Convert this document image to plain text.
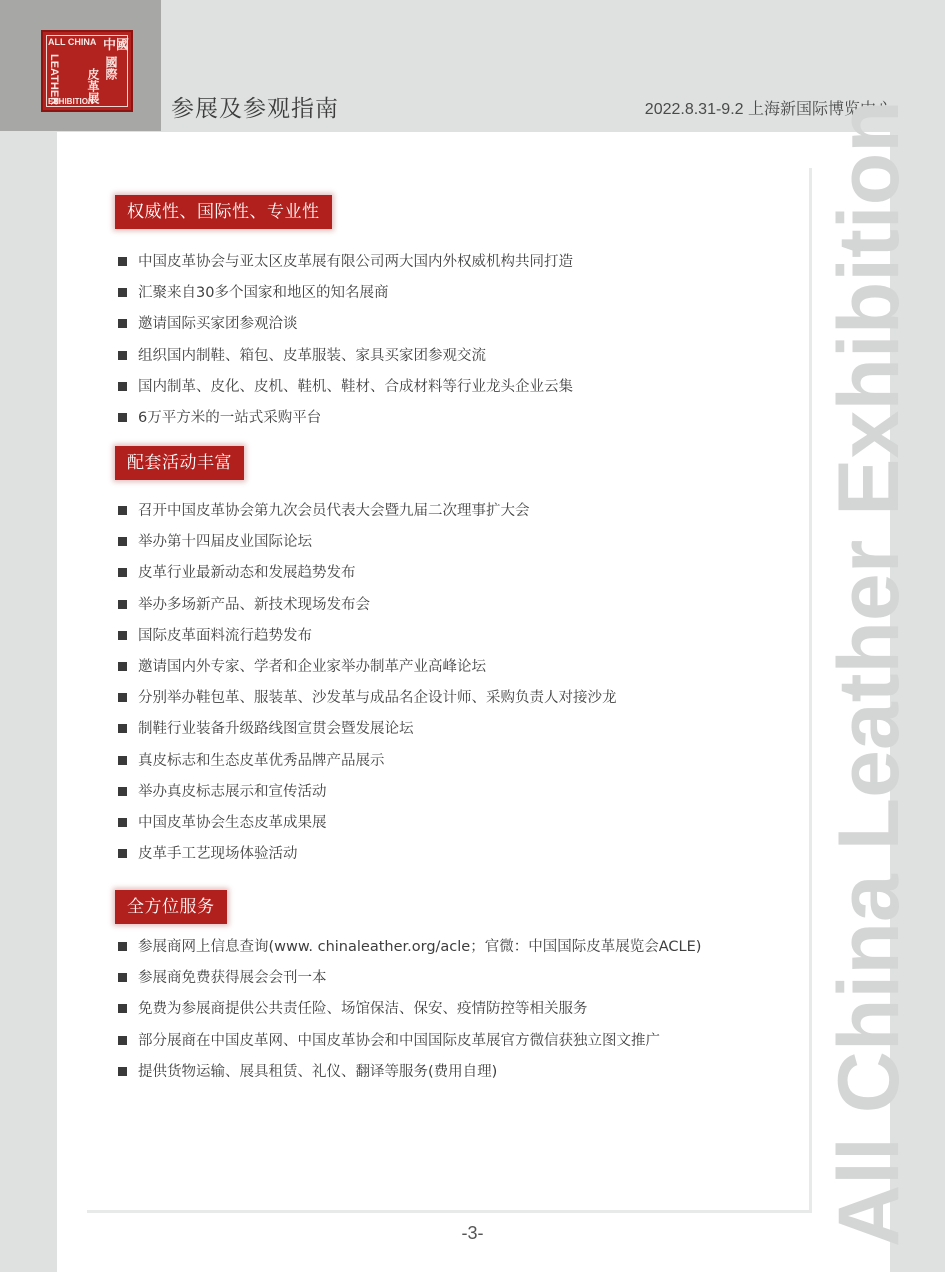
ALL CHINA
LEATHER
EXHIBITION
中國
國際
皮革展
参展及参观指南	2022.8.31-9.2 上海新国际博览中心
All China Leather Exhibition
权威性、国际性、专业性
中国皮革协会与亚太区皮革展有限公司两大国内外权威机构共同打造
汇聚来自30多个国家和地区的知名展商
邀请国际买家团参观洽谈
组织国内制鞋、箱包、皮革服装、家具买家团参观交流
国内制革、皮化、皮机、鞋机、鞋材、合成材料等行业龙头企业云集
6万平方米的一站式采购平台
配套活动丰富
召开中国皮革协会第九次会员代表大会暨九届二次理事扩大会
举办第十四届皮业国际论坛
皮革行业最新动态和发展趋势发布
举办多场新产品、新技术现场发布会
国际皮革面料流行趋势发布
邀请国内外专家、学者和企业家举办制革产业高峰论坛
分别举办鞋包革、服装革、沙发革与成品名企设计师、采购负责人对接沙龙
制鞋行业装备升级路线图宣贯会暨发展论坛
真皮标志和生态皮革优秀品牌产品展示
举办真皮标志展示和宣传活动
中国皮革协会生态皮革成果展
皮革手工艺现场体验活动
全方位服务
参展商网上信息查询(www. chinaleather.org/acle；官微：中国国际皮革展览会ACLE)
参展商免费获得展会会刊一本
免费为参展商提供公共责任险、场馆保洁、保安、疫情防控等相关服务
部分展商在中国皮革网、中国皮革协会和中国国际皮革展官方微信获独立图文推广
提供货物运输、展具租赁、礼仪、翻译等服务(费用自理)
-3-
